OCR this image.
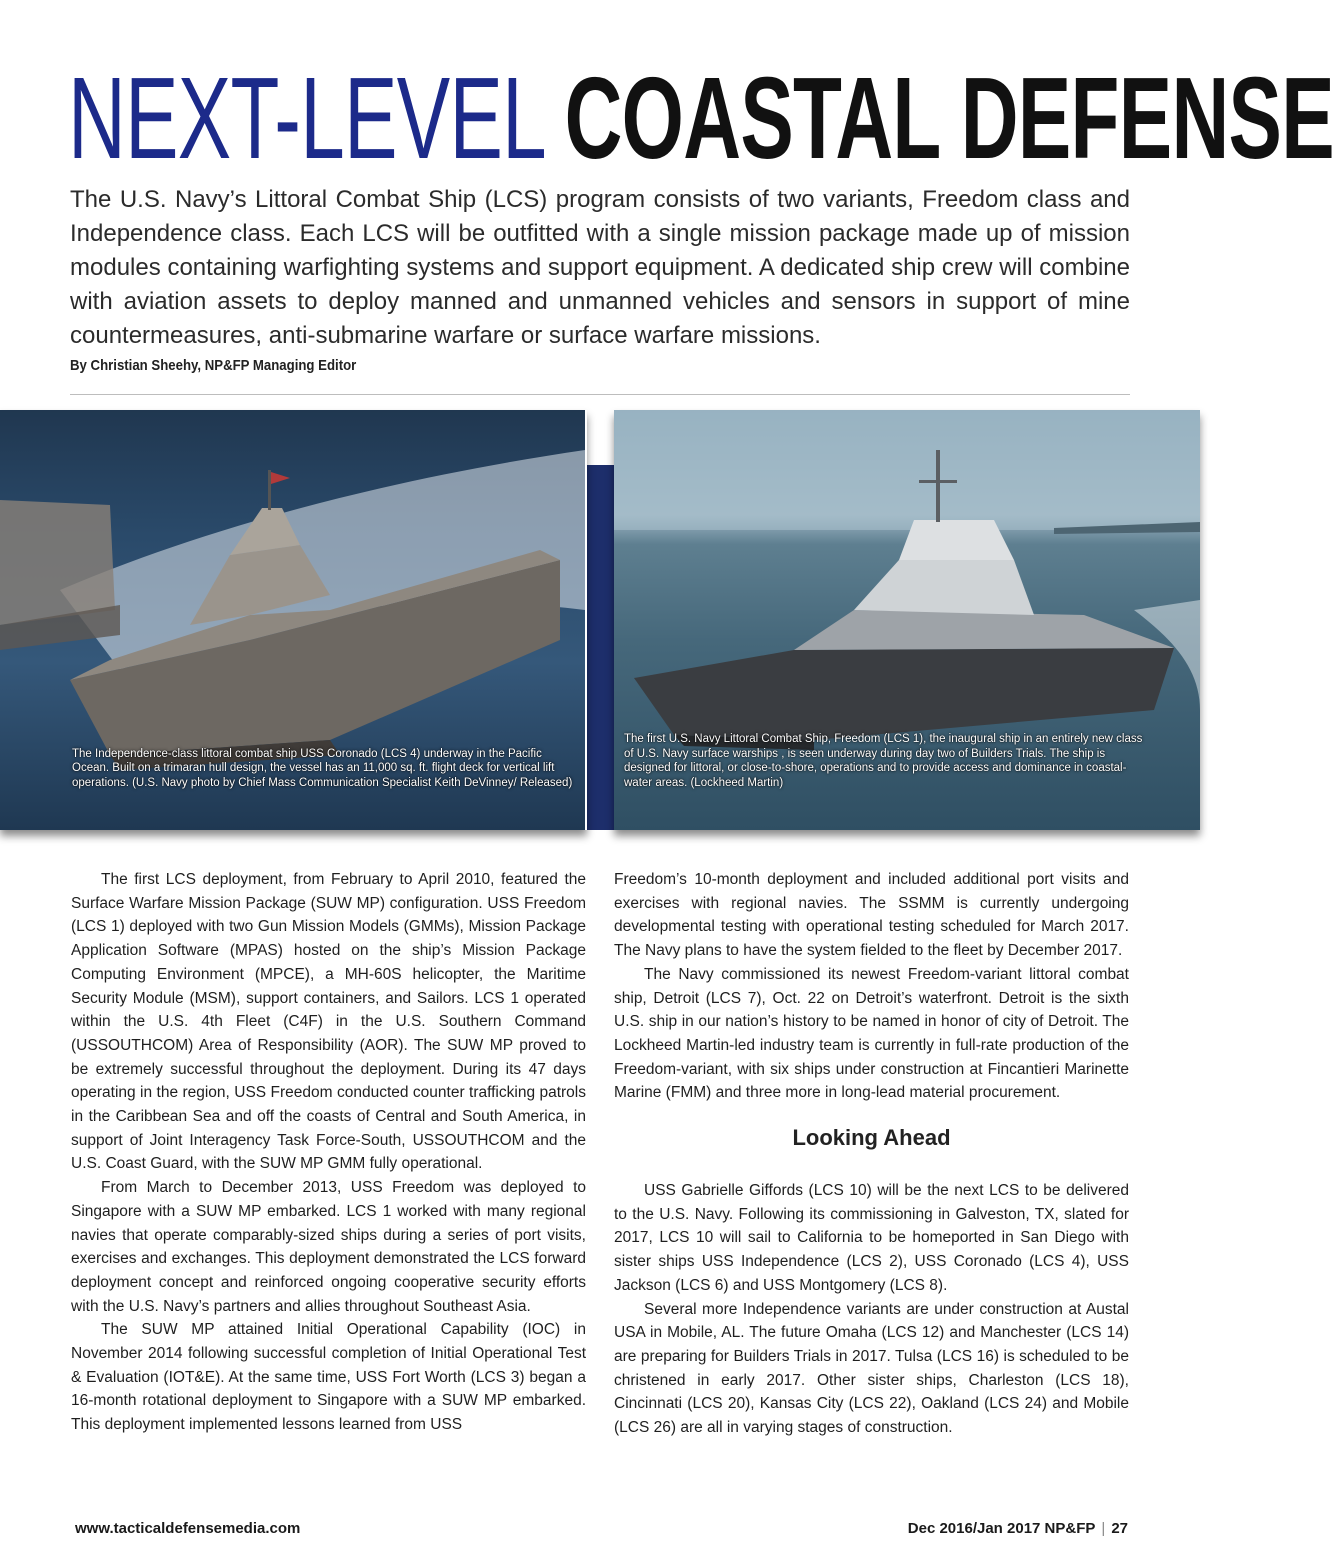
NEXT-LEVEL COASTAL DEFENSE
The U.S. Navy’s Littoral Combat Ship (LCS) program consists of two variants, Freedom class and Independence class. Each LCS will be outfitted with a single mission package made up of mission modules containing warfighting systems and support equipment. A dedicated ship crew will combine with aviation assets to deploy manned and unmanned vehicles and sensors in support of mine countermeasures, anti-submarine warfare or surface warfare missions.
By Christian Sheehy, NP&FP Managing Editor
The Independence-class littoral combat ship USS Coronado (LCS 4) underway in the Pacific Ocean. Built on a trimaran hull design, the vessel has an 11,000 sq. ft. flight deck for vertical lift operations. (U.S. Navy photo by Chief Mass Communication Specialist Keith DeVinney/ Released)
The first U.S. Navy Littoral Combat Ship, Freedom (LCS 1), the inaugural ship in an entirely new class of U.S. Navy surface warships , is seen underway during day two of Builders Trials. The ship is designed for littoral, or close-to-shore, operations and to provide access and dominance in coastal-water areas. (Lockheed Martin)

The first LCS deployment, from February to April 2010, featured the Surface Warfare Mission Package (SUW MP) configuration. USS Freedom (LCS 1) deployed with two Gun Mission Models (GMMs), Mission Package Application Software (MPAS) hosted on the ship’s Mission Package Computing Environment (MPCE), a MH-60S helicopter, the Maritime Security Module (MSM), support containers, and Sailors. LCS 1 operated within the U.S. 4th Fleet (C4F) in the U.S. Southern Command (USSOUTHCOM) Area of Responsibility (AOR). The SUW MP proved to be extremely successful throughout the deployment. During its 47 days operating in the region, USS Freedom conducted counter trafficking patrols in the Caribbean Sea and off the coasts of Central and South America, in support of Joint Interagency Task Force-South, USSOUTHCOM and the U.S. Coast Guard, with the SUW MP GMM fully operational.

From March to December 2013, USS Freedom was deployed to Singapore with a SUW MP embarked. LCS 1 worked with many regional navies that operate comparably-sized ships during a series of port visits, exercises and exchanges. This deployment demonstrated the LCS forward deployment concept and reinforced ongoing cooperative security efforts with the U.S. Navy’s partners and allies throughout Southeast Asia.

The SUW MP attained Initial Operational Capability (IOC) in November 2014 following successful completion of Initial Operational Test & Evaluation (IOT&E). At the same time, USS Fort Worth (LCS 3) began a 16-month rotational deployment to Singapore with a SUW MP embarked. This deployment implemented lessons learned from USS

Freedom’s 10-month deployment and included additional port visits and exercises with regional navies. The SSMM is currently undergoing developmental testing with operational testing scheduled for March 2017. The Navy plans to have the system fielded to the fleet by December 2017.

The Navy commissioned its newest Freedom-variant littoral combat ship, Detroit (LCS 7), Oct. 22 on Detroit’s waterfront. Detroit is the sixth U.S. ship in our nation’s history to be named in honor of city of Detroit. The Lockheed Martin-led industry team is currently in full-rate production of the Freedom-variant, with six ships under construction at Fincantieri Marinette Marine (FMM) and three more in long-lead material procurement.

Looking Ahead

USS Gabrielle Giffords (LCS 10) will be the next LCS to be delivered to the U.S. Navy. Following its commissioning in Galveston, TX, slated for 2017, LCS 10 will sail to California to be homeported in San Diego with sister ships USS Independence (LCS 2), USS Coronado (LCS 4), USS Jackson (LCS 6) and USS Montgomery (LCS 8).

Several more Independence variants are under construction at Austal USA in Mobile, AL. The future Omaha (LCS 12) and Manchester (LCS 14) are preparing for Builders Trials in 2017. Tulsa (LCS 16) is scheduled to be christened in early 2017. Other sister ships, Charleston (LCS 18), Cincinnati (LCS 20), Kansas City (LCS 22), Oakland (LCS 24) and Mobile (LCS 26) are all in varying stages of construction.

www.tacticaldefensemedia.com	Dec 2016/Jan 2017 NP&FP | 27
